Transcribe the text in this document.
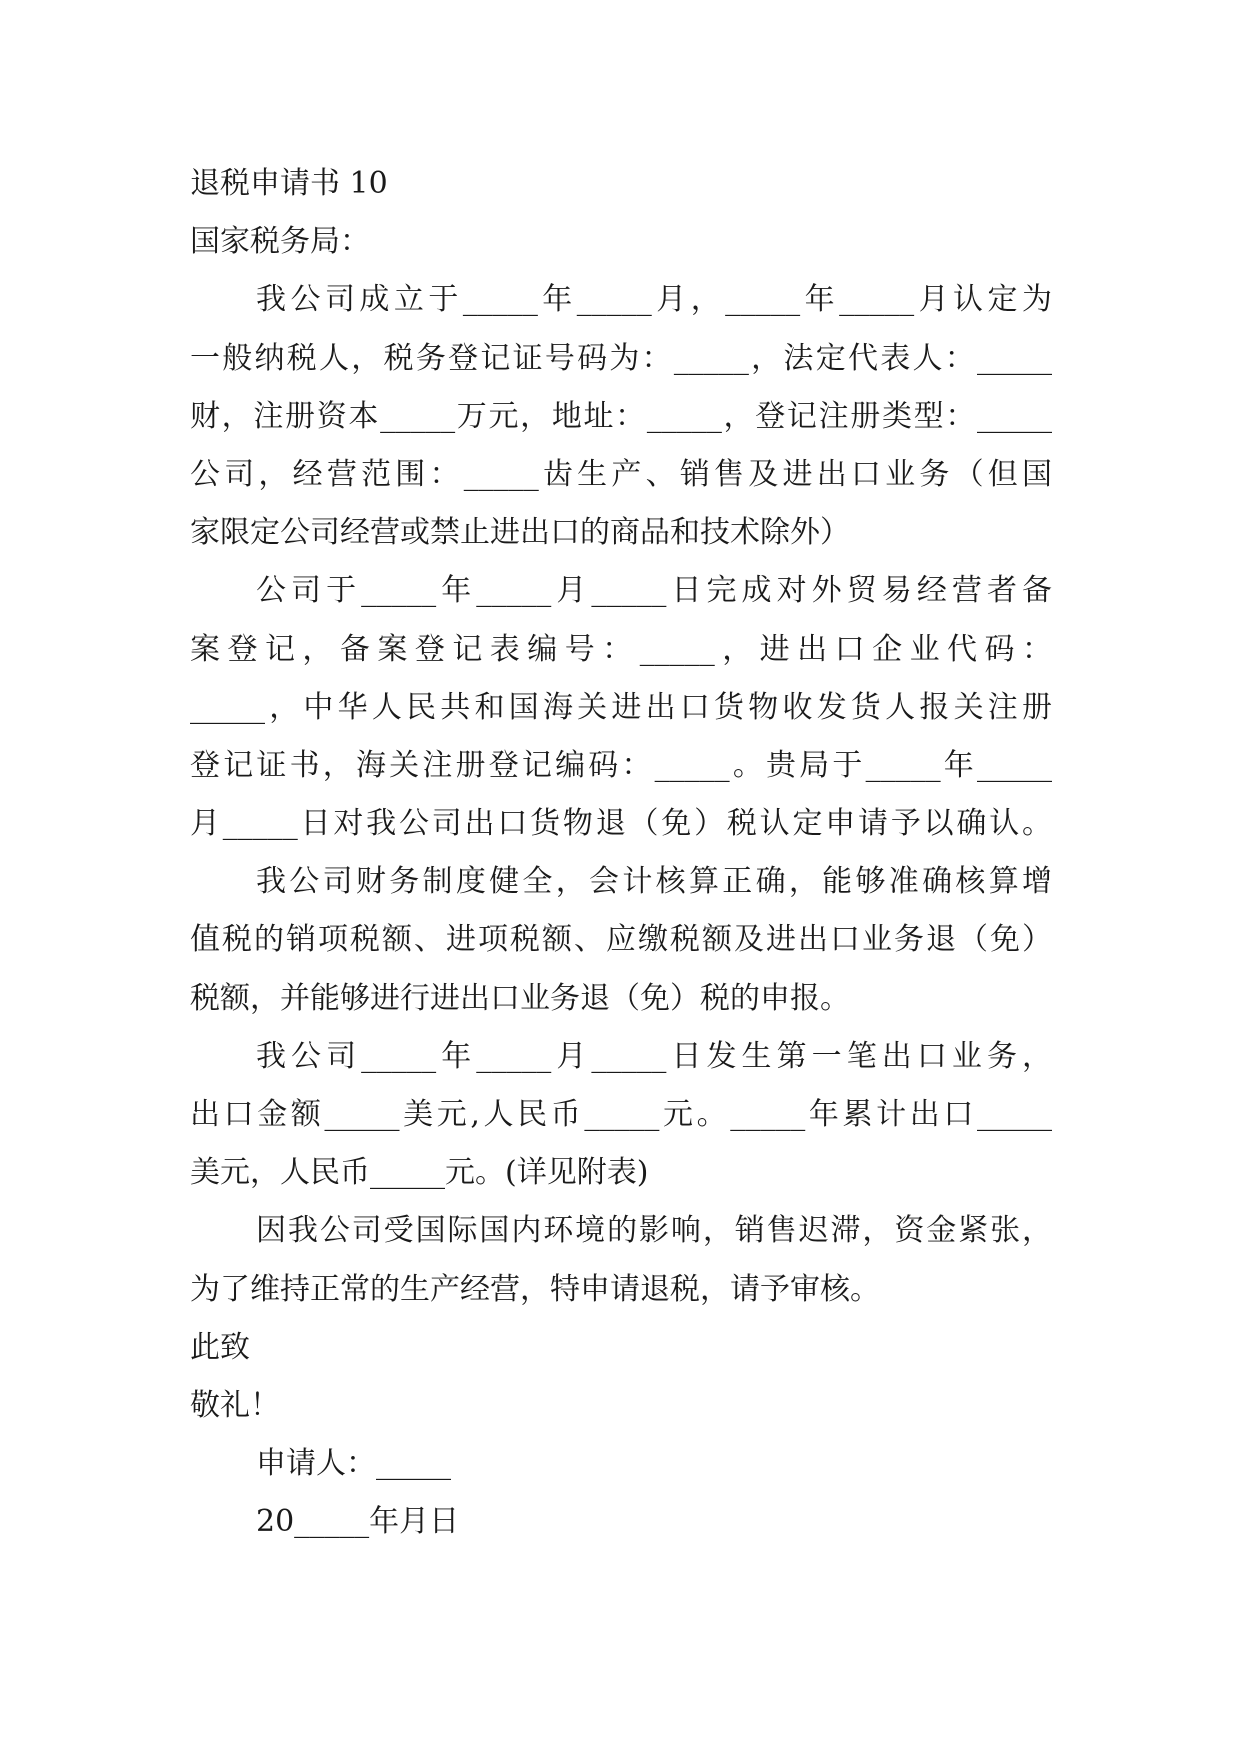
退税申请书 10
国家税务局：
我公司成立于_____年_____月，_____年_____月认定为
一般纳税人，税务登记证号码为：_____，法定代表人：_____
财，注册资本_____万元，地址：_____，登记注册类型：_____
公司，经营范围：_____齿生产、销售及进出口业务（但国
家限定公司经营或禁止进出口的商品和技术除外）
公司于_____年_____月_____日完成对外贸易经营者备
案登记，备案登记表编号：_____，进出口企业代码：
_____，中华人民共和国海关进出口货物收发货人报关注册
登记证书，海关注册登记编码：_____。贵局于_____年_____
月_____日对我公司出口货物退（免）税认定申请予以确认。
我公司财务制度健全，会计核算正确，能够准确核算增
值税的销项税额、进项税额、应缴税额及进出口业务退（免）
税额，并能够进行进出口业务退（免）税的申报。
我公司_____年_____月_____日发生第一笔出口业务，
出口金额_____美元,人民币_____元。_____年累计出口_____
美元，人民币_____元。(详见附表)
因我公司受国际国内环境的影响，销售迟滞，资金紧张，
为了维持正常的生产经营，特申请退税，请予审核。
此致
敬礼！
申请人：_____
20_____年月日
